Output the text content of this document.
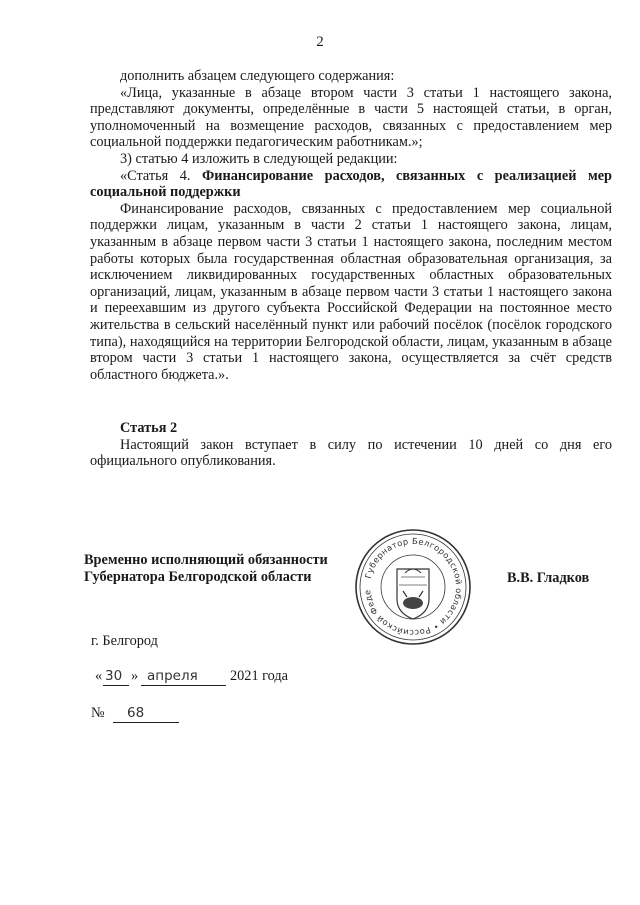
2

дополнить абзацем следующего содержания:

«Лица, указанные в абзаце втором части 3 статьи 1 настоящего закона, представляют документы, определённые в части 5 настоящей статьи, в орган, уполномоченный на возмещение расходов, связанных с предоставлением мер социальной поддержки педагогическим работникам.»;

3) статью 4 изложить в следующей редакции:

«Статья 4. Финансирование расходов, связанных с реализацией мер социальной поддержки

Финансирование расходов, связанных с предоставлением мер социальной поддержки лицам, указанным в части 2 статьи 1 настоящего закона, лицам, указанным в абзаце первом части 3 статьи 1 настоящего закона, последним местом работы которых была государственная областная образовательная организация, за исключением ликвидированных государственных областных образовательных организаций, лицам, указанным в абзаце первом части 3 статьи 1 настоящего закона и переехавшим из другого субъекта Российской Федерации на постоянное место жительства в сельский населённый пункт или рабочий посёлок (посёлок городского типа), находящийся на территории Белгородской области, лицам, указанным в абзаце втором части 3 статьи 1 настоящего закона, осуществляется за счёт средств областного бюджета.».

Статья 2

Настоящий закон вступает в силу по истечении 10 дней со дня его официального опубликования.

Временно исполняющий обязанности
Губернатора Белгородской области	Губернатор Белгородской области • Российской Феде
В.В. Гладков
г. Белгород
« 30 » апреля 2021 года
№ 68
